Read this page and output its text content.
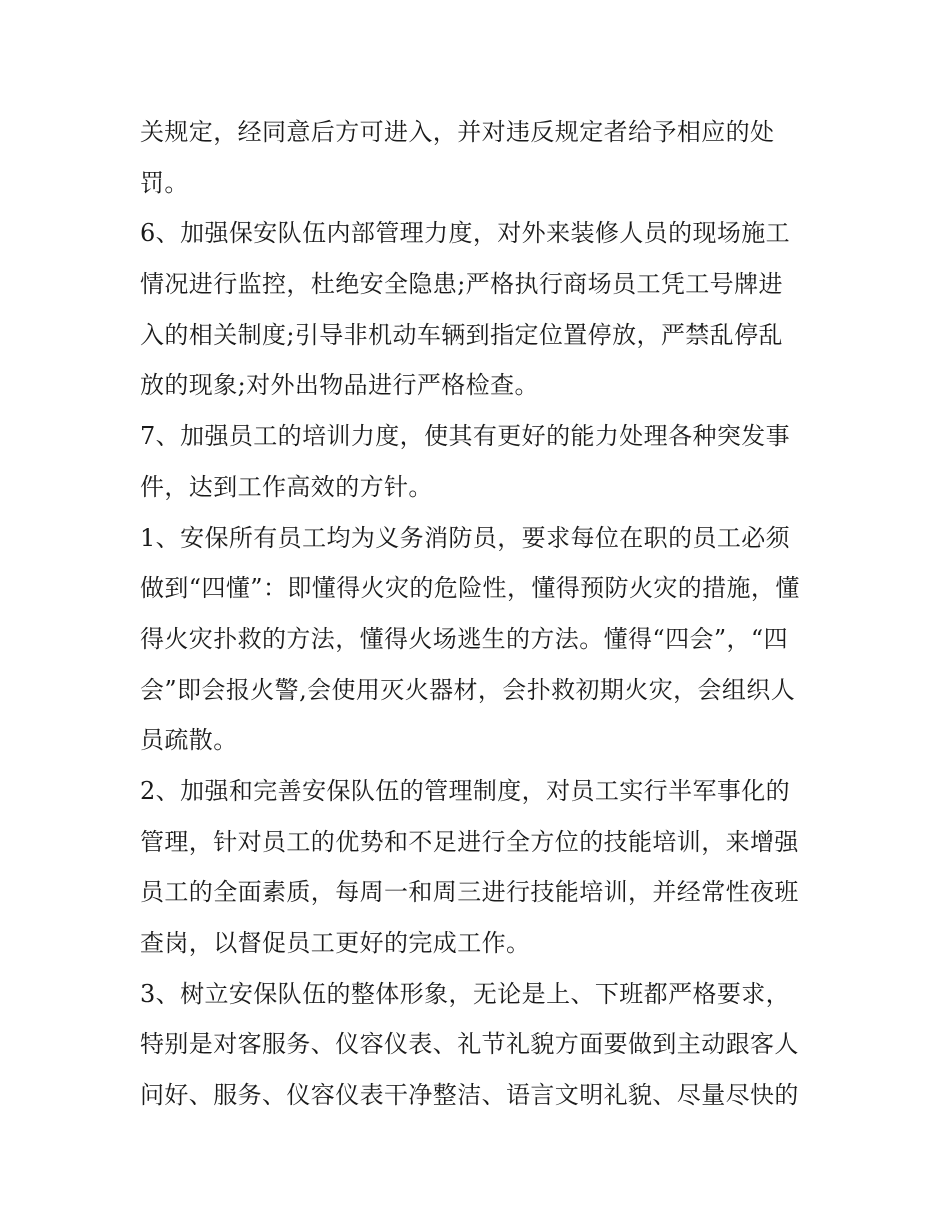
关规定，经同意后方可进入，并对违反规定者给予相应的处
罚。
6、加强保安队伍内部管理力度，对外来装修人员的现场施工
情况进行监控，杜绝安全隐患;严格执行商场员工凭工号牌进
入的相关制度;引导非机动车辆到指定位置停放，严禁乱停乱
放的现象;对外出物品进行严格检查。
7、加强员工的培训力度，使其有更好的能力处理各种突发事
件，达到工作高效的方针。
1、安保所有员工均为义务消防员，要求每位在职的员工必须
做到“四懂”：即懂得火灾的危险性，懂得预防火灾的措施，懂
得火灾扑救的方法，懂得火场逃生的方法。懂得“四会”，“四
会”即会报火警,会使用灭火器材，会扑救初期火灾，会组织人
员疏散。
2、加强和完善安保队伍的管理制度，对员工实行半军事化的
管理，针对员工的优势和不足进行全方位的技能培训，来增强
员工的全面素质，每周一和周三进行技能培训，并经常性夜班
查岗，以督促员工更好的完成工作。
3、树立安保队伍的整体形象，无论是上、下班都严格要求，
特别是对客服务、仪容仪表、礼节礼貌方面要做到主动跟客人
问好、服务、仪容仪表干净整洁、语言文明礼貌、尽量尽快的
